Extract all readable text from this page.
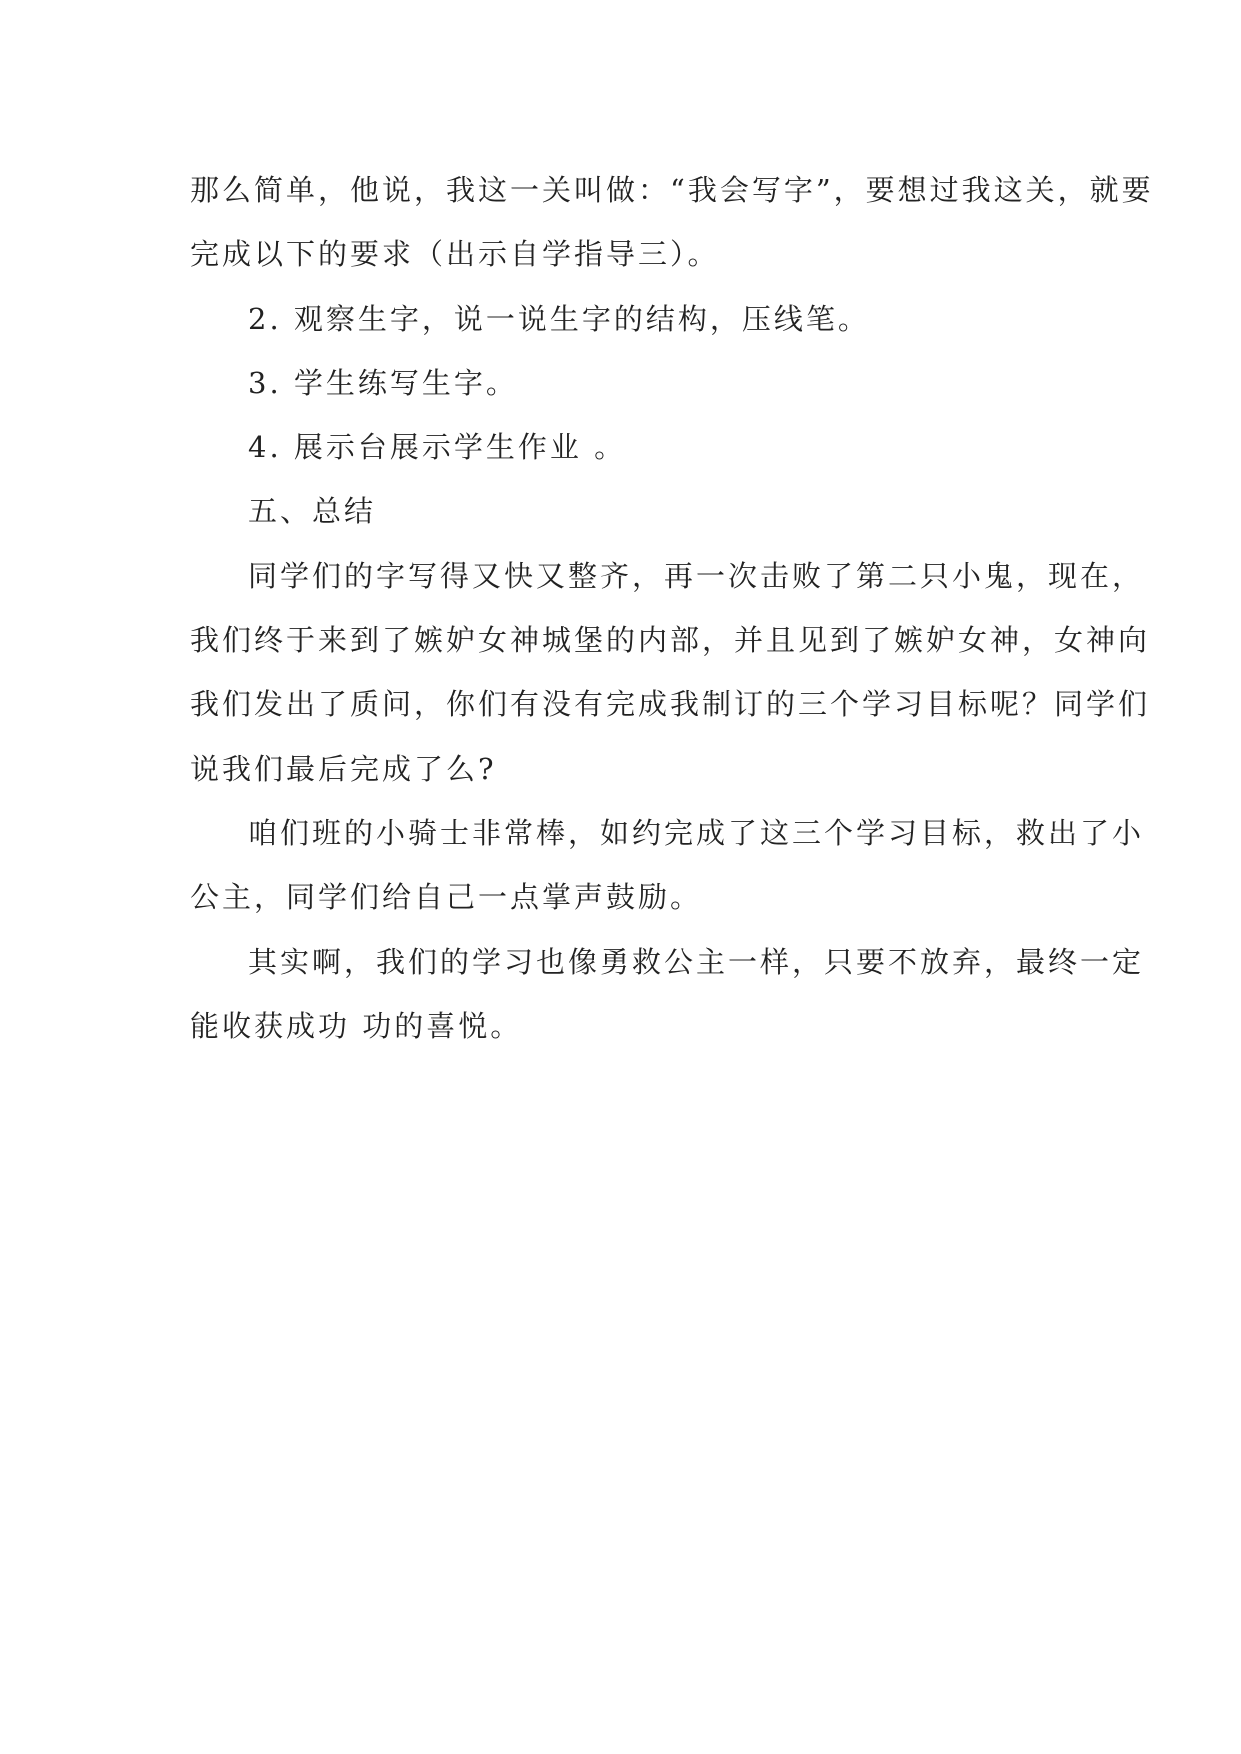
那么简单，他说，我这一关叫做：“我会写字”，要想过我这关，就要
完成以下的要求（出示自学指导三）。
2. 观察生字，说一说生字的结构，压线笔。
3. 学生练写生字。
4. 展示台展示学生作业 。
五、总结
同学们的字写得又快又整齐，再一次击败了第二只小鬼，现在，
我们终于来到了嫉妒女神城堡的内部，并且见到了嫉妒女神，女神向
我们发出了质问，你们有没有完成我制订的三个学习目标呢？同学们
说我们最后完成了么?
咱们班的小骑士非常棒，如约完成了这三个学习目标，救出了小
公主，同学们给自己一点掌声鼓励。
其实啊，我们的学习也像勇救公主一样，只要不放弃，最终一定
能收获成功 功的喜悦。
